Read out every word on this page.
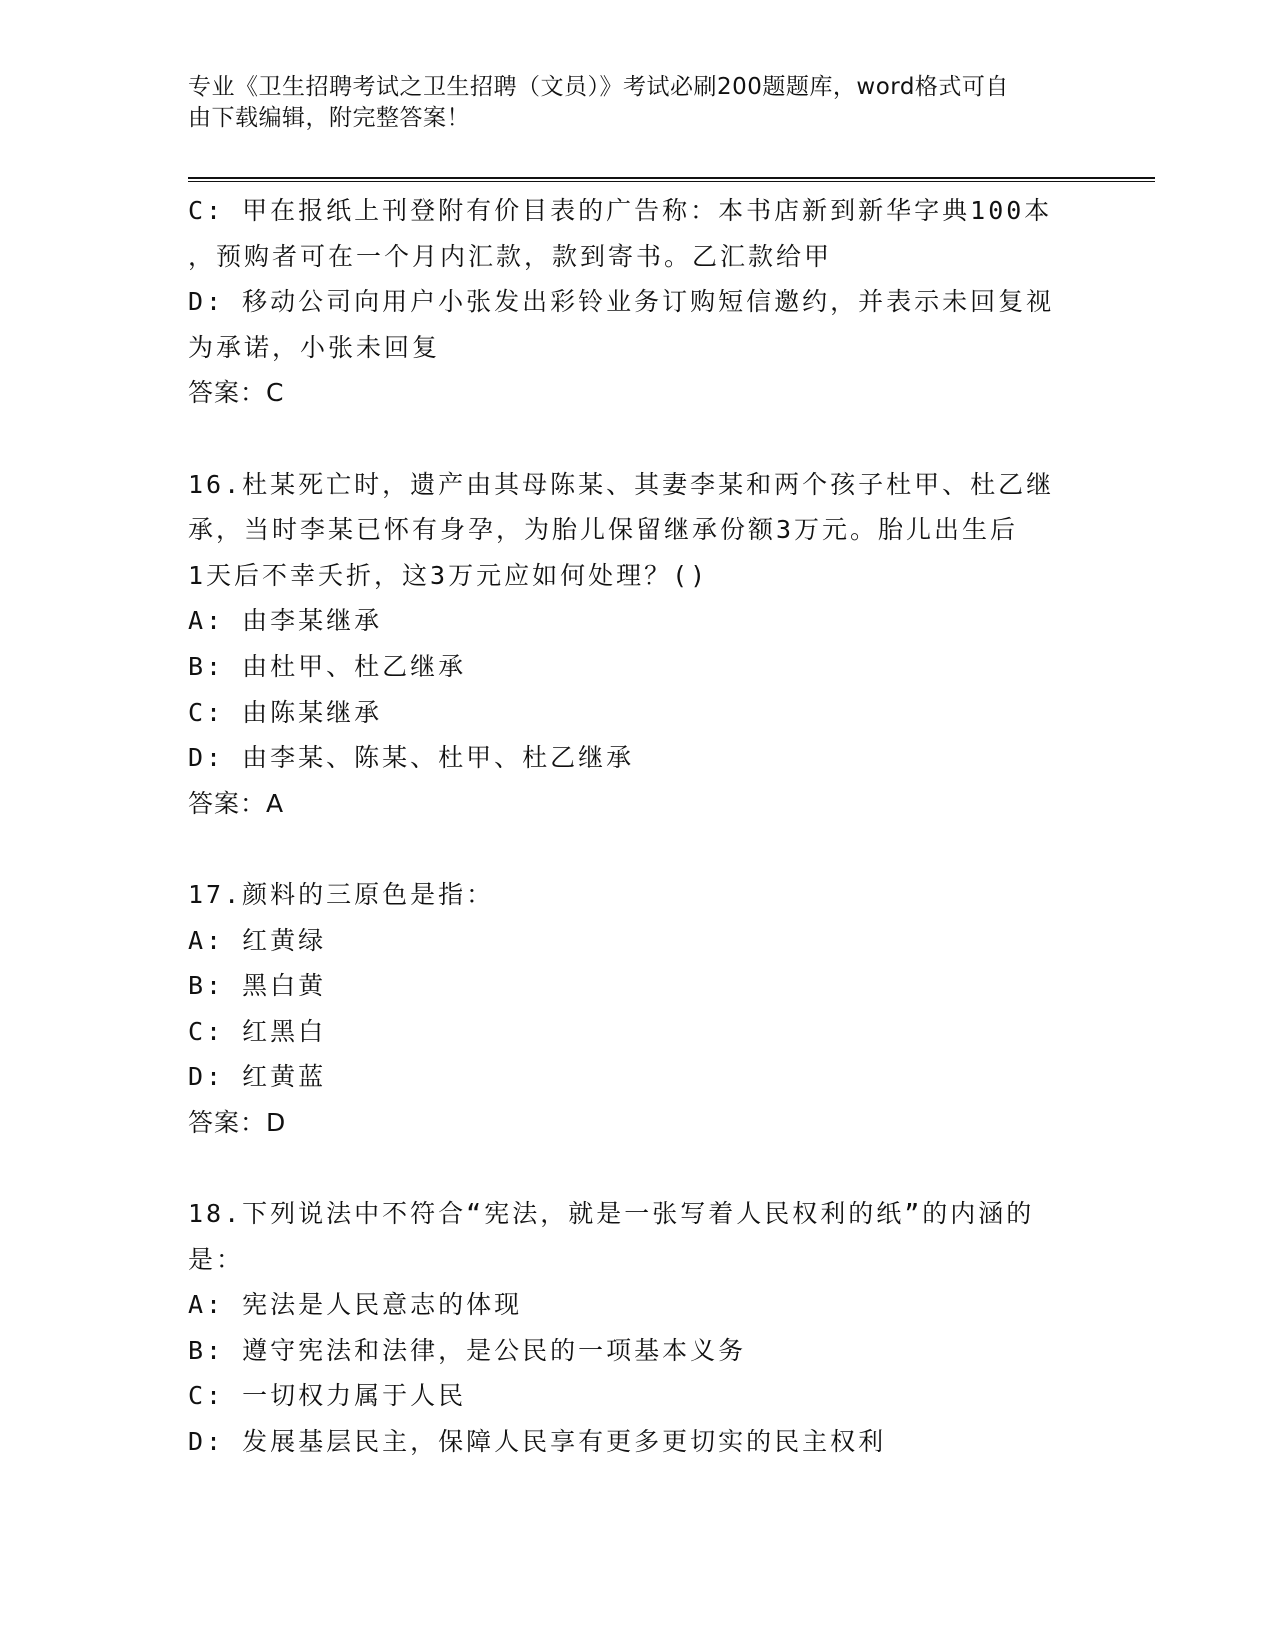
专业《卫生招聘考试之卫生招聘（文员）》考试必刷200题题库，word格式可自
由下载编辑，附完整答案！
C: 甲在报纸上刊登附有价目表的广告称：本书店新到新华字典100本
，预购者可在一个月内汇款，款到寄书。乙汇款给甲
D: 移动公司向用户小张发出彩铃业务订购短信邀约，并表示未回复视
为承诺，小张未回复
答案：C
16.杜某死亡时，遗产由其母陈某、其妻李某和两个孩子杜甲、杜乙继
承，当时李某已怀有身孕，为胎儿保留继承份额3万元。胎儿出生后
1天后不幸夭折，这3万元应如何处理？()
A: 由李某继承
B: 由杜甲、杜乙继承
C: 由陈某继承
D: 由李某、陈某、杜甲、杜乙继承
答案：A
17.颜料的三原色是指：
A: 红黄绿
B: 黑白黄
C: 红黑白
D: 红黄蓝
答案：D
18.下列说法中不符合“宪法，就是一张写着人民权利的纸”的内涵的
是：
A: 宪法是人民意志的体现
B: 遵守宪法和法律，是公民的一项基本义务
C: 一切权力属于人民
D: 发展基层民主，保障人民享有更多更切实的民主权利
